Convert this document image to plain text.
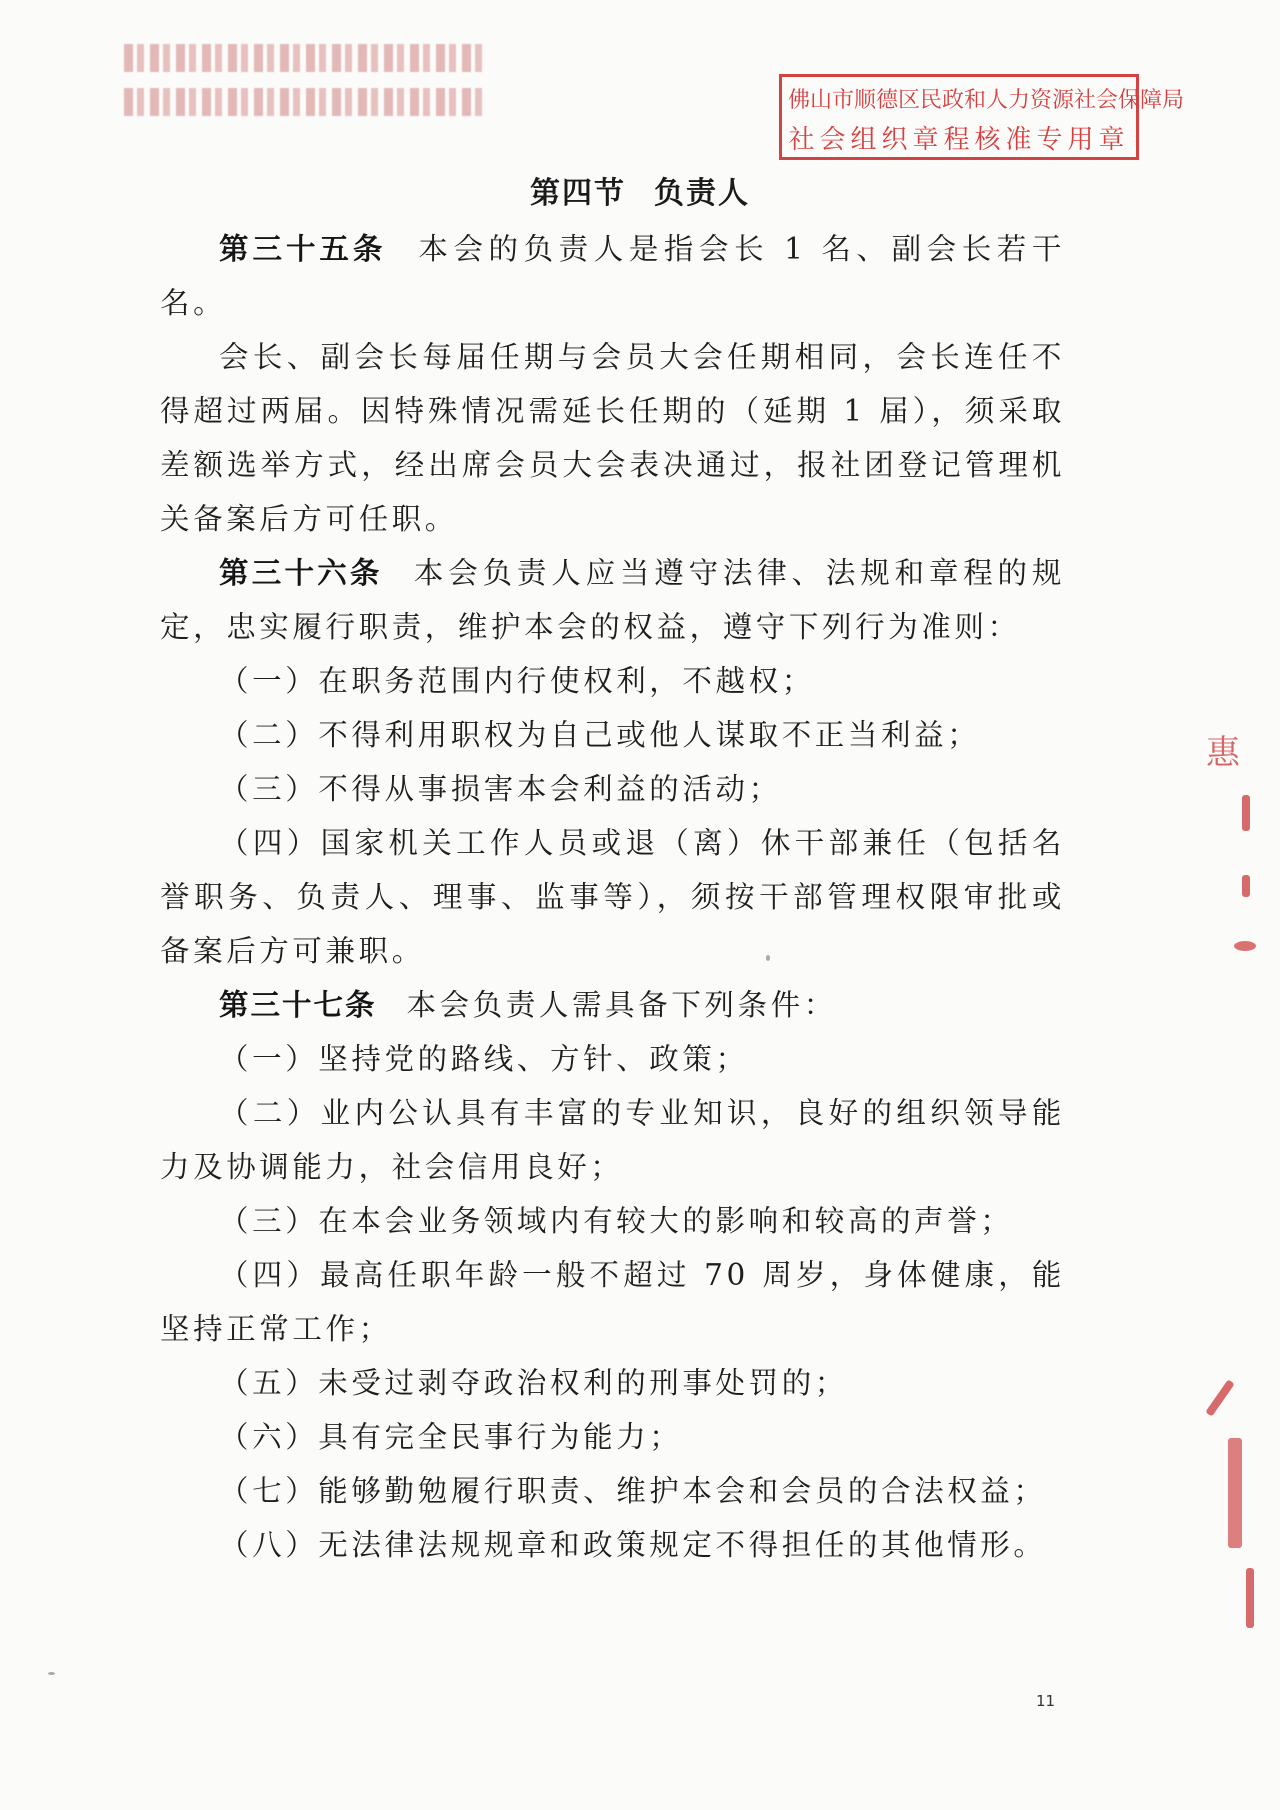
佛山市顺德区民政和人力资源社会保障局
社会组织章程核准专用章
惠
第四节 负责人

第三十五条 本会的负责人是指会长 1 名、副会长若干名。

会长、副会长每届任期与会员大会任期相同，会长连任不得超过两届。因特殊情况需延长任期的（延期 1 届），须采取差额选举方式，经出席会员大会表决通过，报社团登记管理机关备案后方可任职。

第三十六条 本会负责人应当遵守法律、法规和章程的规定，忠实履行职责，维护本会的权益，遵守下列行为准则：

（一）在职务范围内行使权利，不越权；

（二）不得利用职权为自己或他人谋取不正当利益；

（三）不得从事损害本会利益的活动；

（四）国家机关工作人员或退（离）休干部兼任（包括名誉职务、负责人、理事、监事等），须按干部管理权限审批或备案后方可兼职。

第三十七条 本会负责人需具备下列条件：

（一）坚持党的路线、方针、政策；

（二）业内公认具有丰富的专业知识，良好的组织领导能力及协调能力，社会信用良好；

（三）在本会业务领域内有较大的影响和较高的声誉；

（四）最高任职年龄一般不超过 70 周岁，身体健康，能坚持正常工作；

（五）未受过剥夺政治权利的刑事处罚的；

（六）具有完全民事行为能力；

（七）能够勤勉履行职责、维护本会和会员的合法权益；

（八）无法律法规规章和政策规定不得担任的其他情形。

11
